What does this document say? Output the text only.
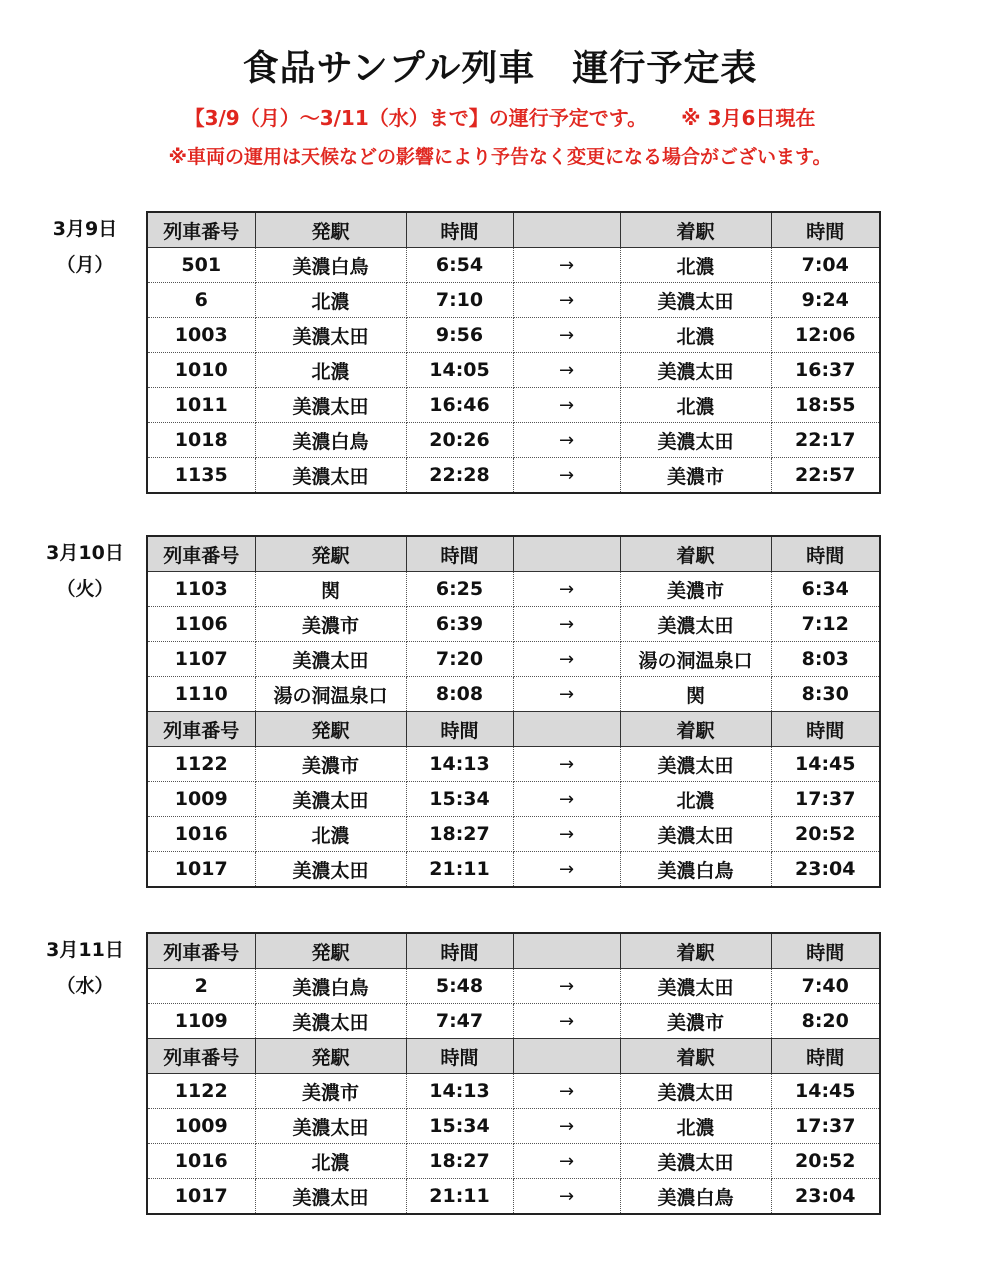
食品サンプル列車　運行予定表
【3/9（月）～3/11（水）まで】の運行予定です。 ※ 3月6日現在
※車両の運用は天候などの影響により予告なく変更になる場合がございます。
3月9日
（月）
列車番号	発駅	時間		着駅	時間
501	美濃白鳥	6:54	→	北濃	7:04
6	北濃	7:10	→	美濃太田	9:24
1003	美濃太田	9:56	→	北濃	12:06
1010	北濃	14:05	→	美濃太田	16:37
1011	美濃太田	16:46	→	北濃	18:55
1018	美濃白鳥	20:26	→	美濃太田	22:17
1135	美濃太田	22:28	→	美濃市	22:57
3月10日
（火）
列車番号	発駅	時間		着駅	時間
1103	関	6:25	→	美濃市	6:34
1106	美濃市	6:39	→	美濃太田	7:12
1107	美濃太田	7:20	→	湯の洞温泉口	8:03
1110	湯の洞温泉口	8:08	→	関	8:30
列車番号	発駅	時間		着駅	時間
1122	美濃市	14:13	→	美濃太田	14:45
1009	美濃太田	15:34	→	北濃	17:37
1016	北濃	18:27	→	美濃太田	20:52
1017	美濃太田	21:11	→	美濃白鳥	23:04
3月11日
（水）
列車番号	発駅	時間		着駅	時間
2	美濃白鳥	5:48	→	美濃太田	7:40
1109	美濃太田	7:47	→	美濃市	8:20
列車番号	発駅	時間		着駅	時間
1122	美濃市	14:13	→	美濃太田	14:45
1009	美濃太田	15:34	→	北濃	17:37
1016	北濃	18:27	→	美濃太田	20:52
1017	美濃太田	21:11	→	美濃白鳥	23:04
